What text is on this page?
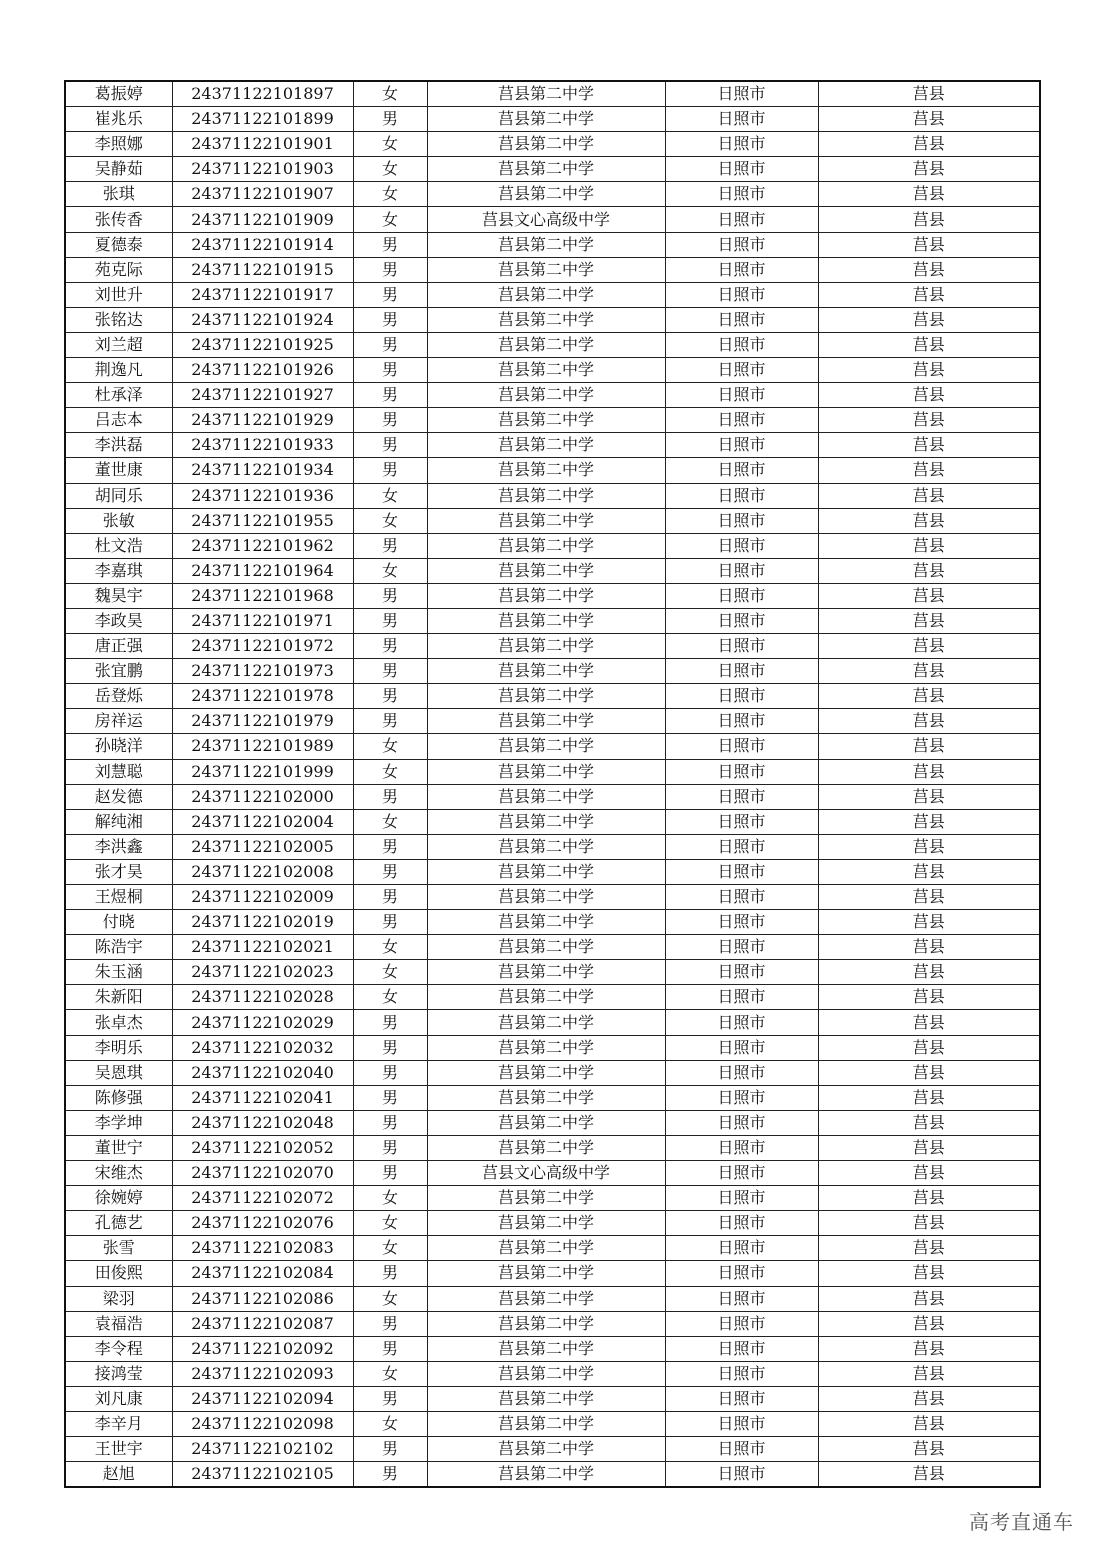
葛振婷	24371122101897	女	莒县第二中学	日照市	莒县
崔兆乐	24371122101899	男	莒县第二中学	日照市	莒县
李照娜	24371122101901	女	莒县第二中学	日照市	莒县
吴静茹	24371122101903	女	莒县第二中学	日照市	莒县
张琪	24371122101907	女	莒县第二中学	日照市	莒县
张传香	24371122101909	女	莒县文心高级中学	日照市	莒县
夏德泰	24371122101914	男	莒县第二中学	日照市	莒县
苑克际	24371122101915	男	莒县第二中学	日照市	莒县
刘世升	24371122101917	男	莒县第二中学	日照市	莒县
张铭达	24371122101924	男	莒县第二中学	日照市	莒县
刘兰超	24371122101925	男	莒县第二中学	日照市	莒县
荆逸凡	24371122101926	男	莒县第二中学	日照市	莒县
杜承泽	24371122101927	男	莒县第二中学	日照市	莒县
吕志本	24371122101929	男	莒县第二中学	日照市	莒县
李洪磊	24371122101933	男	莒县第二中学	日照市	莒县
董世康	24371122101934	男	莒县第二中学	日照市	莒县
胡同乐	24371122101936	女	莒县第二中学	日照市	莒县
张敏	24371122101955	女	莒县第二中学	日照市	莒县
杜文浩	24371122101962	男	莒县第二中学	日照市	莒县
李嘉琪	24371122101964	女	莒县第二中学	日照市	莒县
魏昊宇	24371122101968	男	莒县第二中学	日照市	莒县
李政昊	24371122101971	男	莒县第二中学	日照市	莒县
唐正强	24371122101972	男	莒县第二中学	日照市	莒县
张宜鹏	24371122101973	男	莒县第二中学	日照市	莒县
岳登烁	24371122101978	男	莒县第二中学	日照市	莒县
房祥运	24371122101979	男	莒县第二中学	日照市	莒县
孙晓洋	24371122101989	女	莒县第二中学	日照市	莒县
刘慧聪	24371122101999	女	莒县第二中学	日照市	莒县
赵发德	24371122102000	男	莒县第二中学	日照市	莒县
解纯湘	24371122102004	女	莒县第二中学	日照市	莒县
李洪鑫	24371122102005	男	莒县第二中学	日照市	莒县
张才昊	24371122102008	男	莒县第二中学	日照市	莒县
王煜桐	24371122102009	男	莒县第二中学	日照市	莒县
付晓	24371122102019	男	莒县第二中学	日照市	莒县
陈浩宇	24371122102021	女	莒县第二中学	日照市	莒县
朱玉涵	24371122102023	女	莒县第二中学	日照市	莒县
朱新阳	24371122102028	女	莒县第二中学	日照市	莒县
张卓杰	24371122102029	男	莒县第二中学	日照市	莒县
李明乐	24371122102032	男	莒县第二中学	日照市	莒县
吴恩琪	24371122102040	男	莒县第二中学	日照市	莒县
陈修强	24371122102041	男	莒县第二中学	日照市	莒县
李学坤	24371122102048	男	莒县第二中学	日照市	莒县
董世宁	24371122102052	男	莒县第二中学	日照市	莒县
宋维杰	24371122102070	男	莒县文心高级中学	日照市	莒县
徐婉婷	24371122102072	女	莒县第二中学	日照市	莒县
孔德艺	24371122102076	女	莒县第二中学	日照市	莒县
张雪	24371122102083	女	莒县第二中学	日照市	莒县
田俊熙	24371122102084	男	莒县第二中学	日照市	莒县
梁羽	24371122102086	女	莒县第二中学	日照市	莒县
袁福浩	24371122102087	男	莒县第二中学	日照市	莒县
李令程	24371122102092	男	莒县第二中学	日照市	莒县
接鸿莹	24371122102093	女	莒县第二中学	日照市	莒县
刘凡康	24371122102094	男	莒县第二中学	日照市	莒县
李辛月	24371122102098	女	莒县第二中学	日照市	莒县
王世宇	24371122102102	男	莒县第二中学	日照市	莒县
赵旭	24371122102105	男	莒县第二中学	日照市	莒县
高考直通车
